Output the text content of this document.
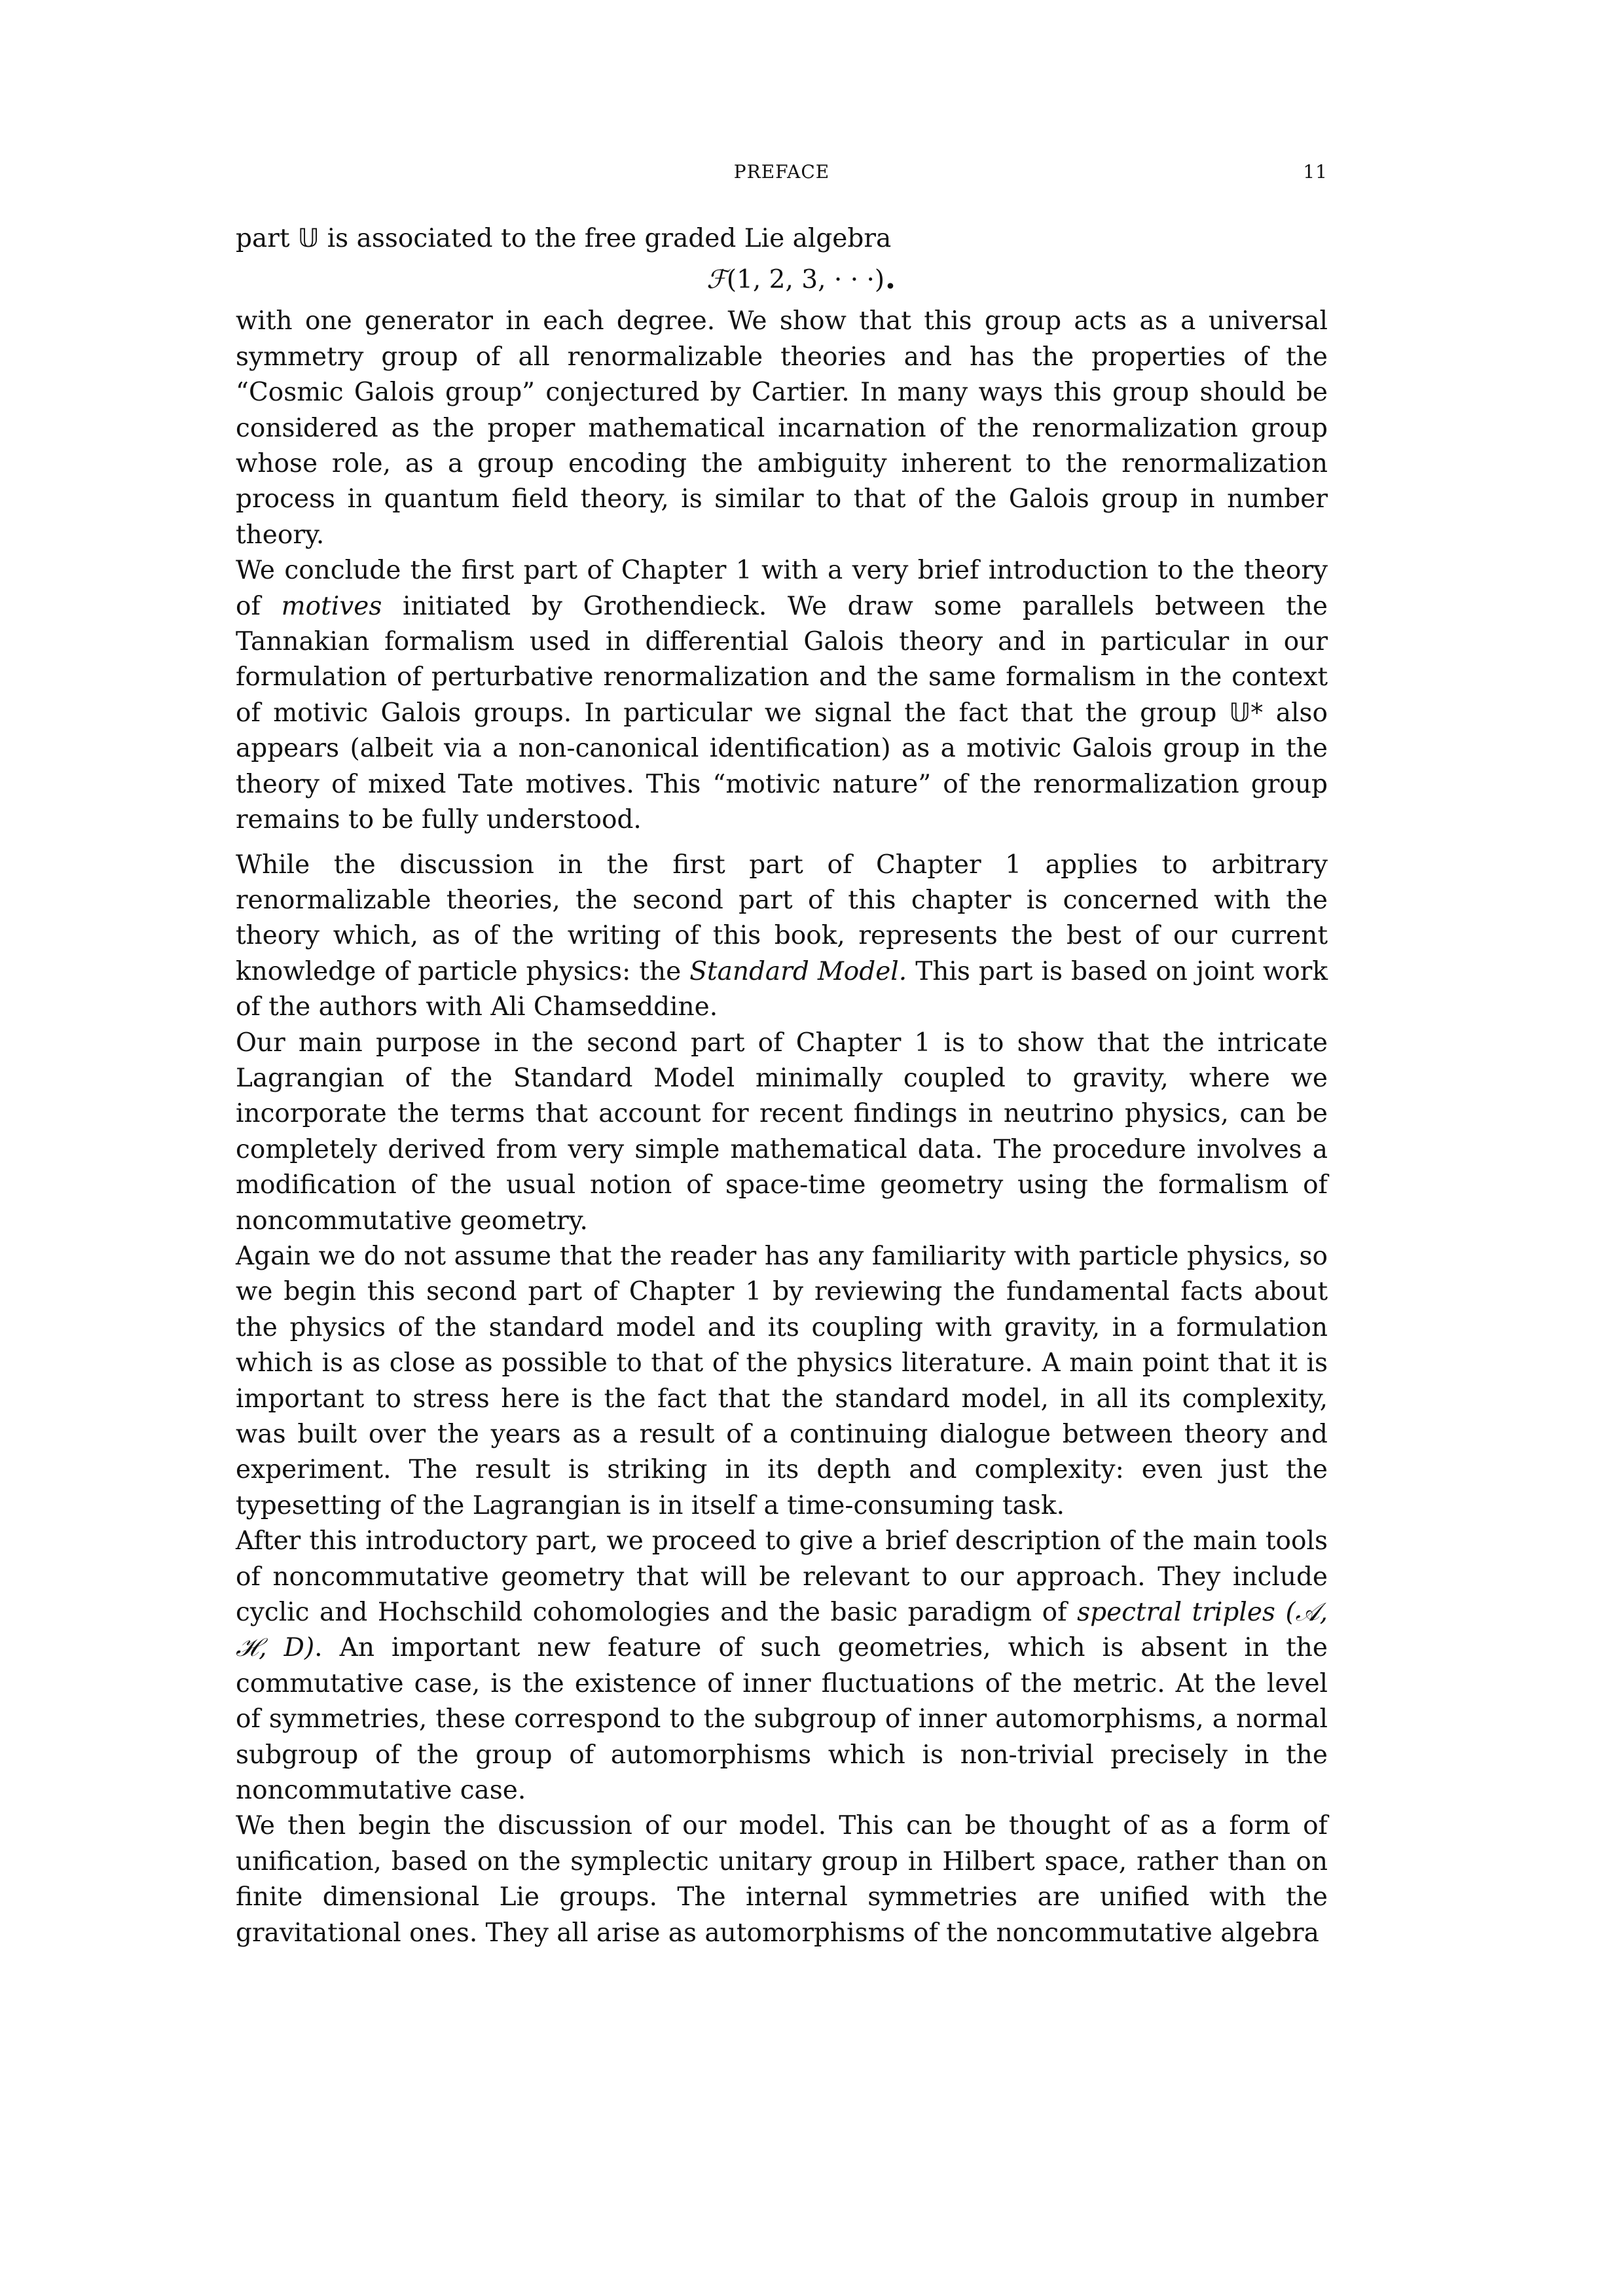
PREFACE	11

part 𝕌 is associated to the free graded Lie algebra

ℱ(1, 2, 3, · · $\cdot)_•$

with one generator in each degree. We show that this group acts as a universal symmetry group of all renormalizable theories and has the properties of the “Cosmic Galois group” conjectured by Cartier. In many ways this group should be considered as the proper mathematical incarnation of the renormalization group whose role, as a group encoding the ambiguity inherent to the renormalization process in quantum field theory, is similar to that of the Galois group in number theory.

We conclude the first part of Chapter 1 with a very brief introduction to the theory of motives initiated by Grothendieck. We draw some parallels between the Tannakian formalism used in differential Galois theory and in particular in our formulation of perturbative renormalization and the same formalism in the context of motivic Galois groups. In particular we signal the fact that the group 𝕌* also appears (albeit via a non-canonical identification) as a motivic Galois group in the theory of mixed Tate motives. This “motivic nature” of the renormalization group remains to be fully understood.

While the discussion in the first part of Chapter 1 applies to arbitrary renormalizable theories, the second part of this chapter is concerned with the theory which, as of the writing of this book, represents the best of our current knowledge of particle physics: the Standard Model. This part is based on joint work of the authors with Ali Chamseddine.

Our main purpose in the second part of Chapter 1 is to show that the intricate Lagrangian of the Standard Model minimally coupled to gravity, where we incorporate the terms that account for recent findings in neutrino physics, can be completely derived from very simple mathematical data. The procedure involves a modification of the usual notion of space-time geometry using the formalism of noncommutative geometry.

Again we do not assume that the reader has any familiarity with particle physics, so we begin this second part of Chapter 1 by reviewing the fundamental facts about the physics of the standard model and its coupling with gravity, in a formulation which is as close as possible to that of the physics literature. A main point that it is important to stress here is the fact that the standard model, in all its complexity, was built over the years as a result of a continuing dialogue between theory and experiment. The result is striking in its depth and complexity: even just the typesetting of the Lagrangian is in itself a time-consuming task.

After this introductory part, we proceed to give a brief description of the main tools of noncommutative geometry that will be relevant to our approach. They include cyclic and Hochschild cohomologies and the basic paradigm of spectral triples (𝒜, ℋ, D). An important new feature of such geometries, which is absent in the commutative case, is the existence of inner fluctuations of the metric. At the level of symmetries, these correspond to the subgroup of inner automorphisms, a normal subgroup of the group of automorphisms which is non-trivial precisely in the noncommutative case.

We then begin the discussion of our model. This can be thought of as a form of unification, based on the symplectic unitary group in Hilbert space, rather than on finite dimensional Lie groups. The internal symmetries are unified with the gravitational ones. They all arise as automorphisms of the noncommutative algebra
